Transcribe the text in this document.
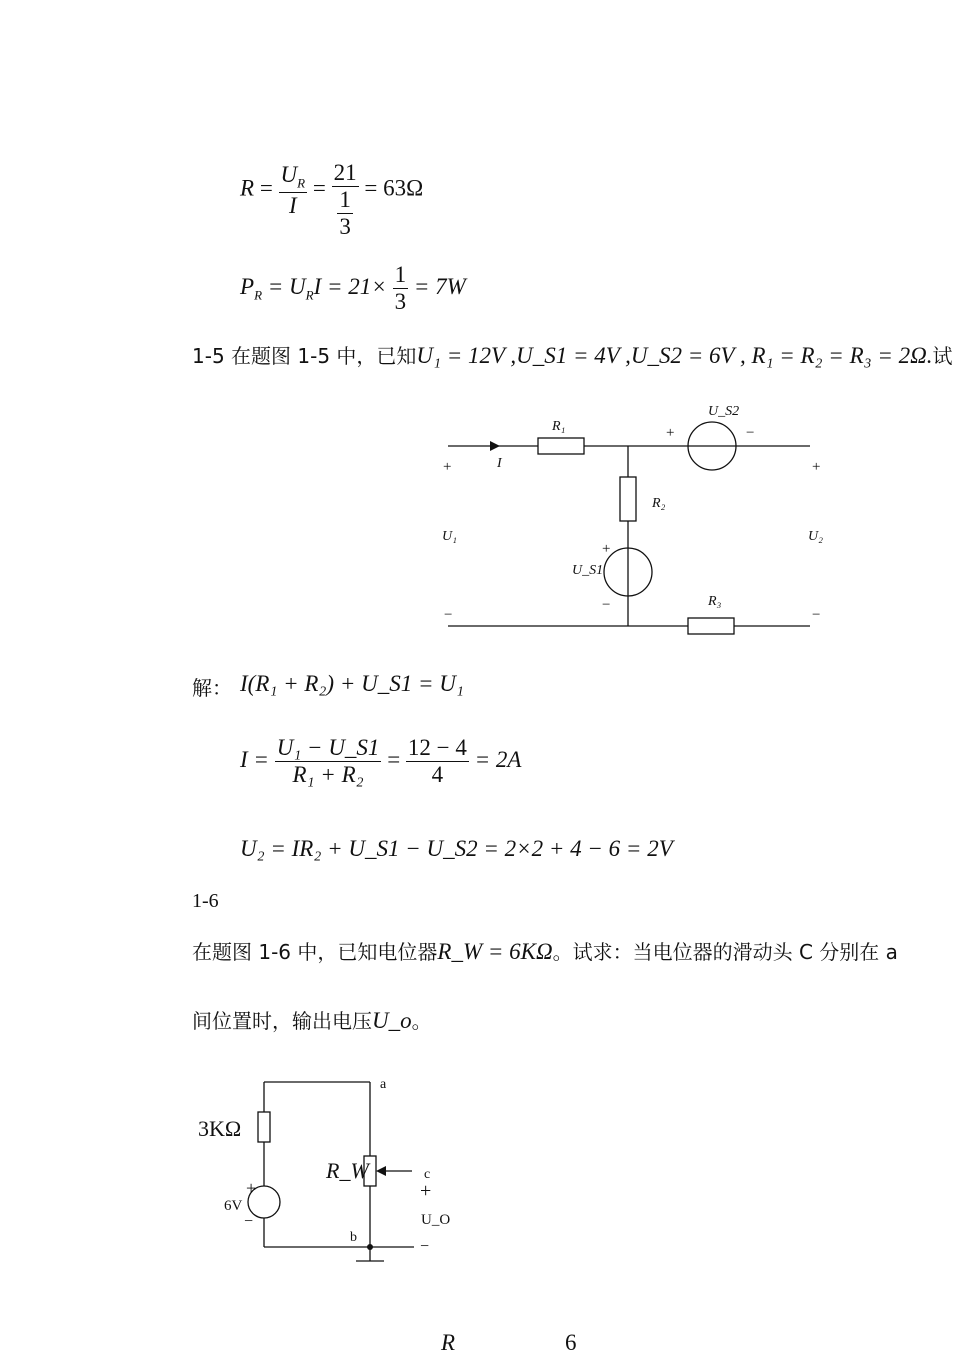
$R = \frac{U_R}{I} = \frac{21}{\frac{1}{3}} = 63\Omega$
$P_R = U_RI = 21\times \frac{1}{3} = 7W$
1-5 在题图 1-5 中，已知U₁ = 12V ,U_S1 = 4V ,U_S2 = 6V , R₁ = R₂ = R₃ = 2Ω.试
R₁
R₂
R₃
U_S2
U_S1
U₁	U₂
I
+	+
+
+
−	−
−
−
解： I(R₁ + R₂) + U_S1 = U₁
$I = \frac{\text{U₁ − U\_S1}}{\text{R₁ + R₂}} = \frac{12 - 4}{4} = 2A$
U₂ = IR₂ + U_S1 − U_S2 = 2×2 + 4 − 6 = 2V
1-6
在题图 1-6 中，已知电位器R_W = 6KΩ。试求：当电位器的滑动头 C 分别在 a
间位置时，输出电压U_o。
3KΩ
6V
R_W
a
b
c
U_O
+
+
−
−
R	6
